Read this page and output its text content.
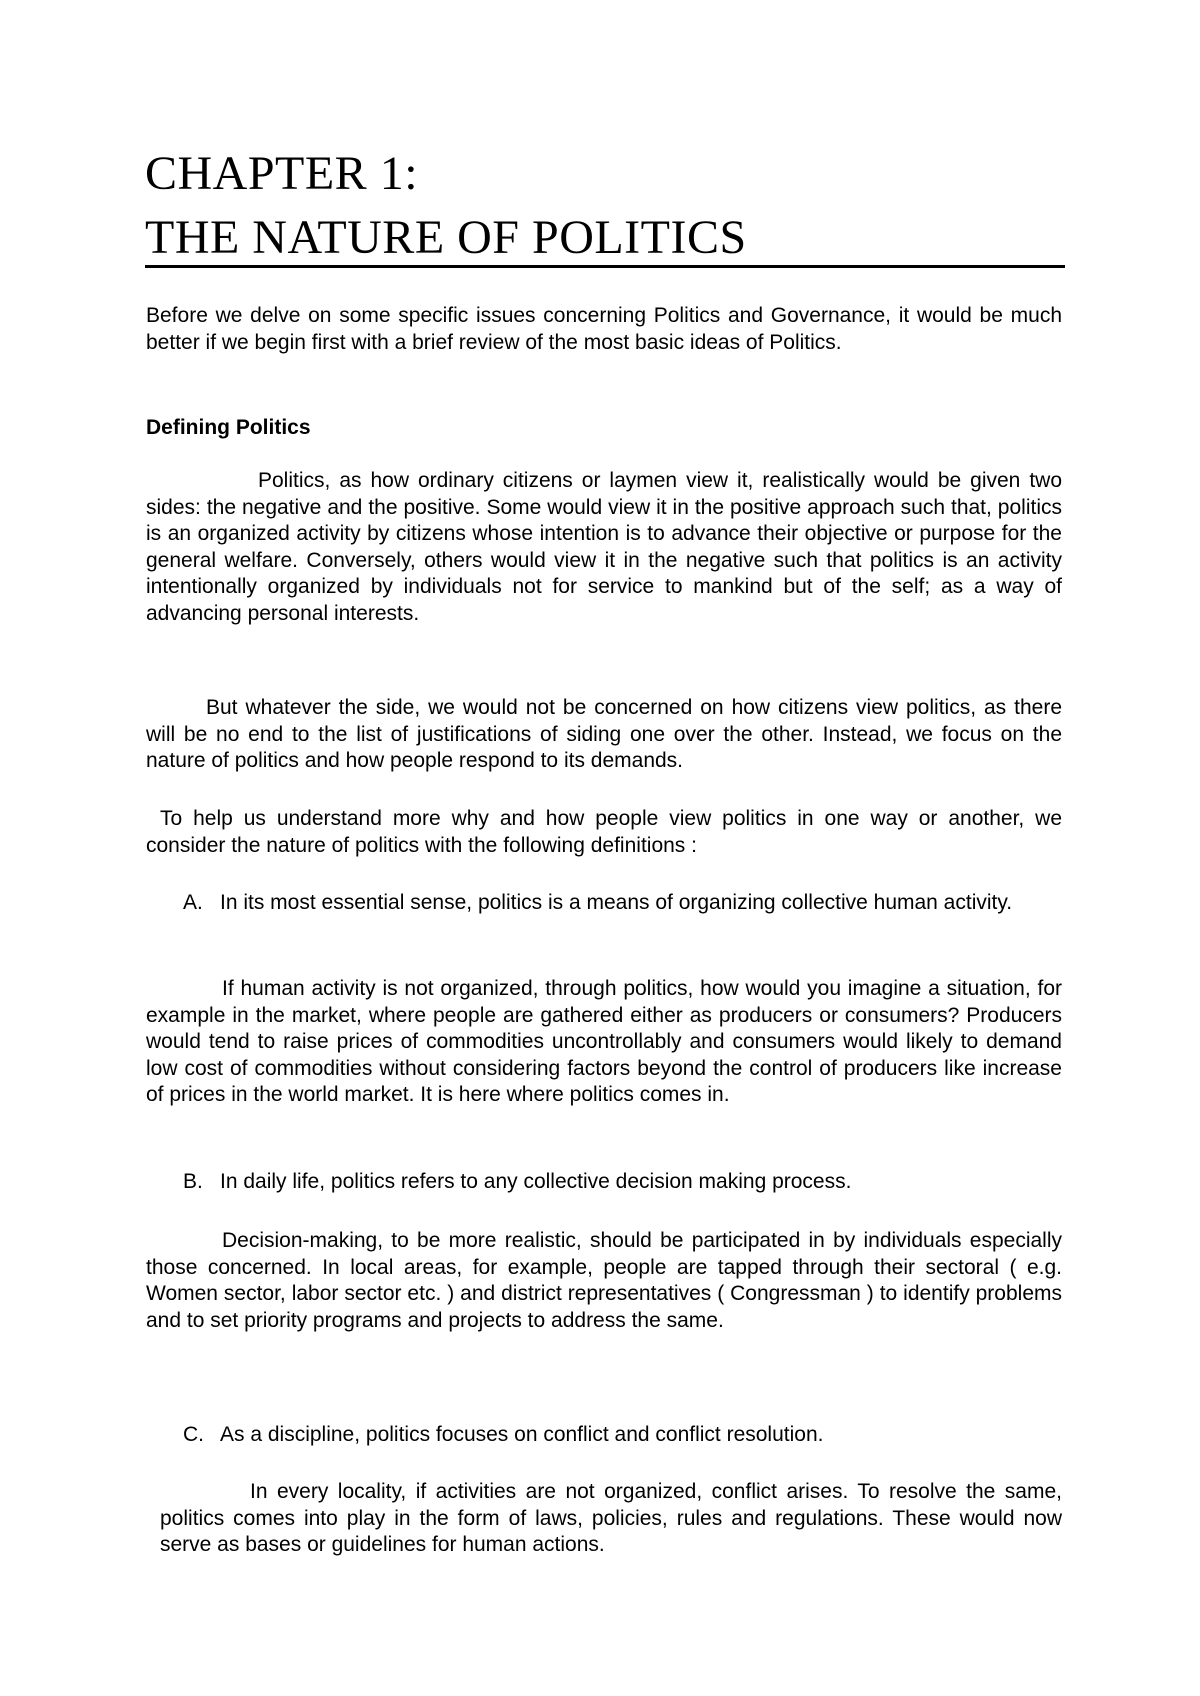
CHAPTER 1:
THE NATURE OF POLITICS

Before we delve on some specific issues concerning Politics and Governance, it would be much better if we begin first with a brief review of the most basic ideas of Politics.

Defining Politics

Politics, as how ordinary citizens or laymen view it, realistically would be given two sides: the negative and the positive. Some would view it in the positive approach such that, politics is an organized activity by citizens whose intention is to advance their objective or purpose for the general welfare. Conversely, others would view it in the negative such that politics is an activity intentionally organized by individuals not for service to mankind but of the self; as a way of advancing personal interests.

But whatever the side, we would not be concerned on how citizens view politics, as there will be no end to the list of justifications of siding one over the other. Instead, we focus on the nature of politics and how people respond to its demands.

To help us understand more why and how people view politics in one way or another, we consider the nature of politics with the following definitions :

A. In its most essential sense, politics is a means of organizing collective human activity.

If human activity is not organized, through politics, how would you imagine a situation, for example in the market, where people are gathered either as producers or consumers? Producers would tend to raise prices of commodities uncontrollably and consumers would likely to demand low cost of commodities without considering factors beyond the control of producers like increase of prices in the world market. It is here where politics comes in.

B. In daily life, politics refers to any collective decision making process.

Decision-making, to be more realistic, should be participated in by individuals especially those concerned. In local areas, for example, people are tapped through their sectoral ( e.g. Women sector, labor sector etc. ) and district representatives ( Congressman ) to identify problems and to set priority programs and projects to address the same.

C. As a discipline, politics focuses on conflict and conflict resolution.

In every locality, if activities are not organized, conflict arises. To resolve the same, politics comes into play in the form of laws, policies, rules and regulations. These would now serve as bases or guidelines for human actions.
